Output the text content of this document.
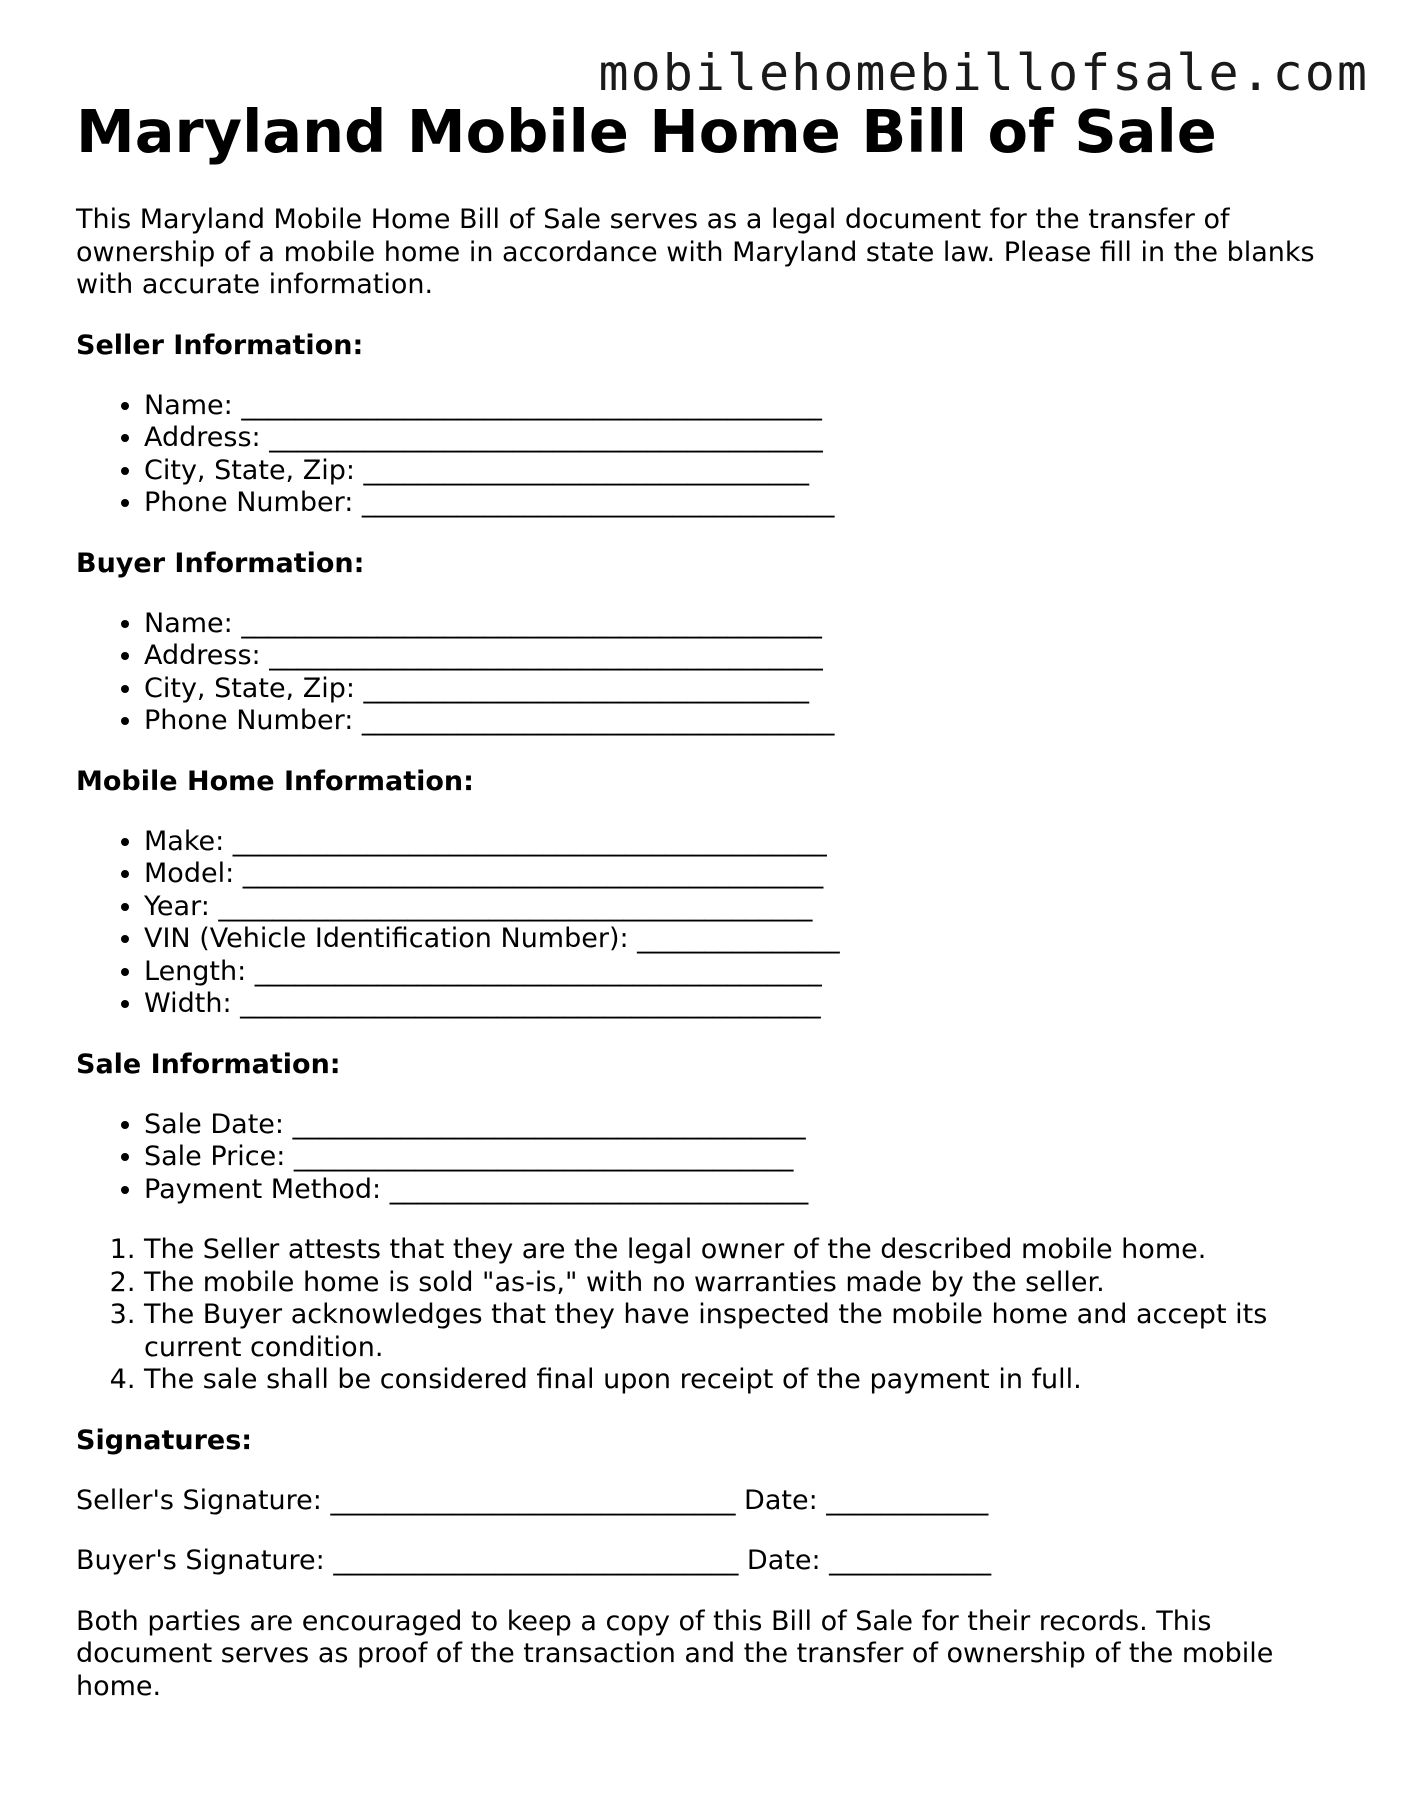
mobilehomebillofsale.com
Maryland Mobile Home Bill of Sale

This Maryland Mobile Home Bill of Sale serves as a legal document for the transfer of ownership of a mobile home in accordance with Maryland state law. Please fill in the blanks with accurate information.

Seller Information:
• Name: ___________________________________________
• Address: _________________________________________
• City, State, Zip: _________________________________
• Phone Number: ___________________________________
Buyer Information:
• Name: ___________________________________________
• Address: _________________________________________
• City, State, Zip: _________________________________
• Phone Number: ___________________________________
Mobile Home Information:
• Make: ____________________________________________
• Model: ___________________________________________
• Year: ____________________________________________
• VIN (Vehicle Identification Number): _______________
• Length: __________________________________________
• Width: ___________________________________________
Sale Information:
• Sale Date: ______________________________________
• Sale Price: _____________________________________
• Payment Method: _______________________________
1. The Seller attests that they are the legal owner of the described mobile home.
2. The mobile home is sold "as-is," with no warranties made by the seller.
3. The Buyer acknowledges that they have inspected the mobile home and accept its current condition.
4. The sale shall be considered final upon receipt of the payment in full.
Signatures:

Seller's Signature: ______________________________ Date: ____________

Buyer's Signature: ______________________________ Date: ____________

Both parties are encouraged to keep a copy of this Bill of Sale for their records. This document serves as proof of the transaction and the transfer of ownership of the mobile home.
